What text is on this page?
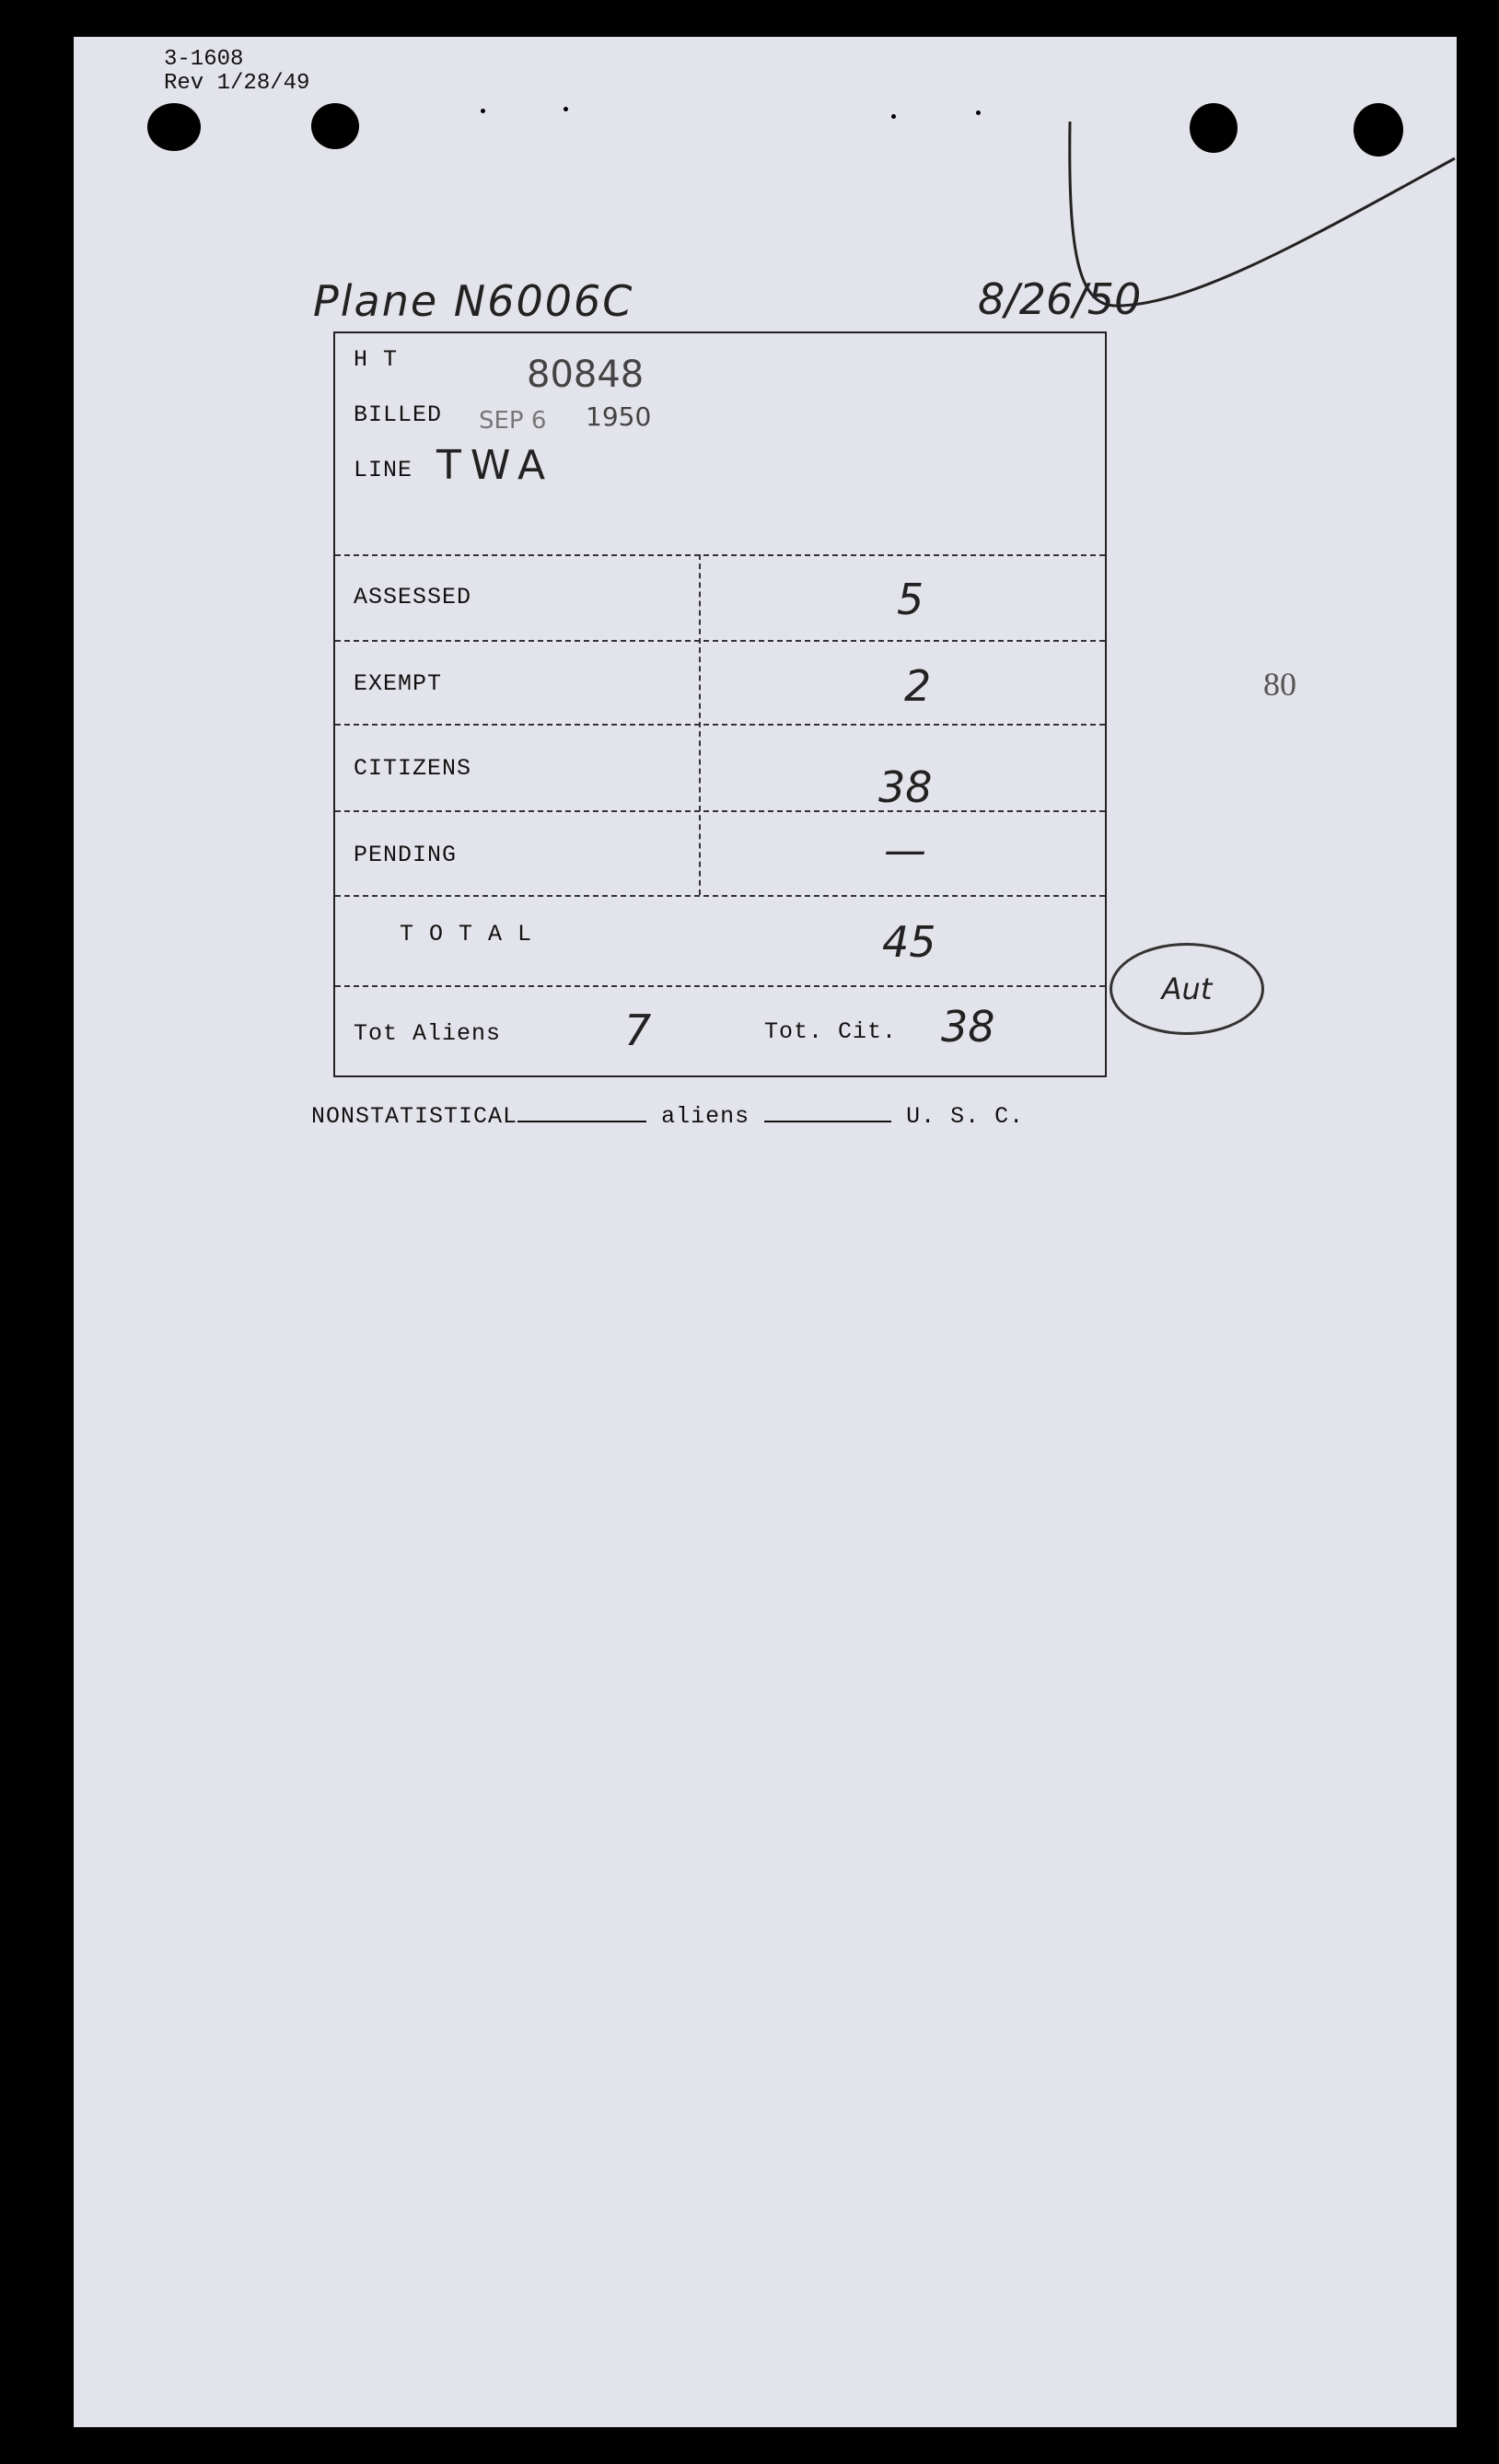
3-1608
Rev 1/28/49
Plane N6006C	8/26/50
H T	80848
BILLED SEP 6 1950
LINE TWA
ASSESSED	5
EXEMPT	2
CITIZENS	38
PENDING	—
T O T A L	45
Tot Aliens	7	Tot. Cit. 38
80
Aut
NONSTATISTICAL	aliens	U. S. C.
